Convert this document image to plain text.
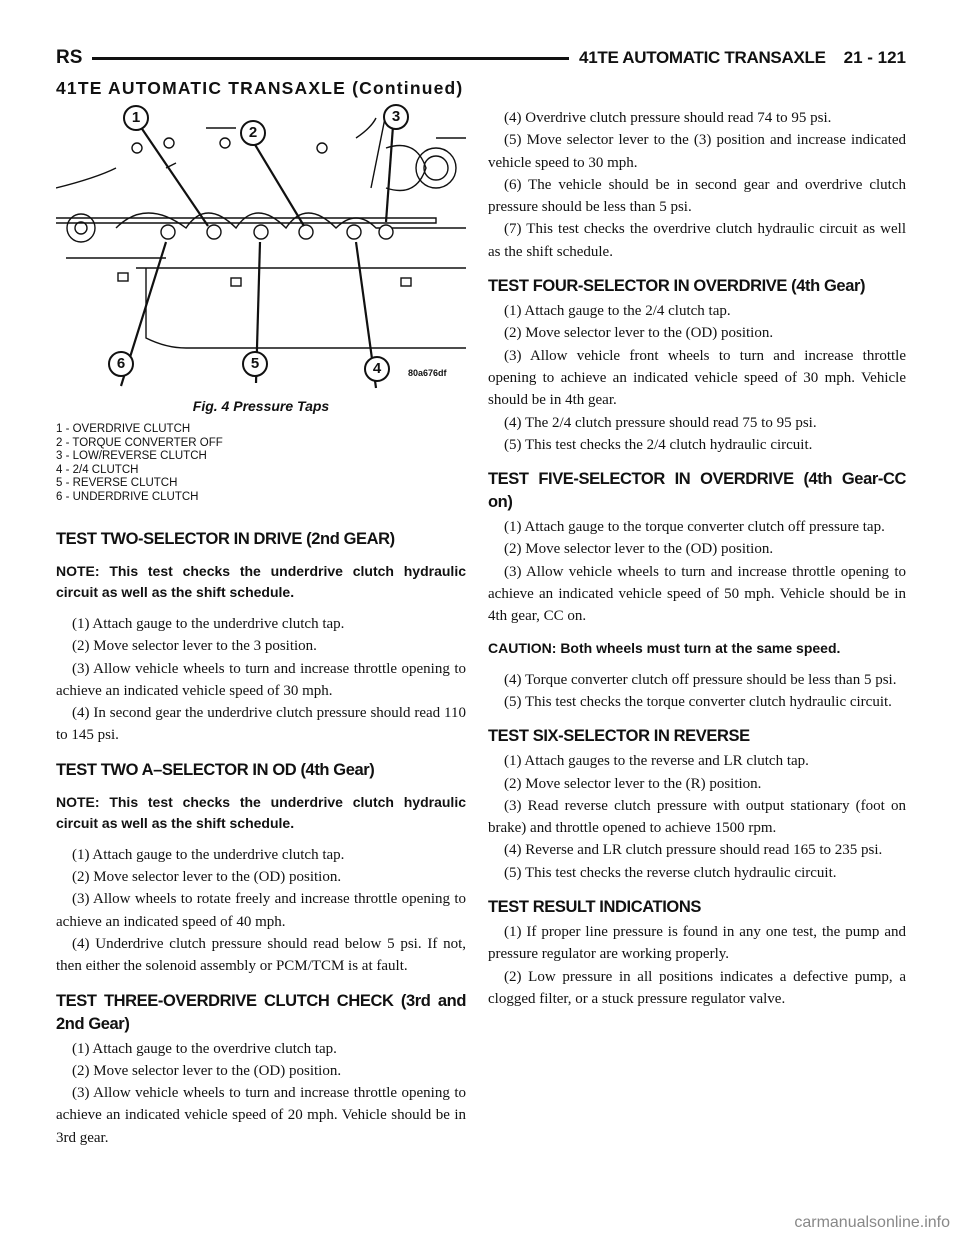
RS	41TE AUTOMATIC TRANSAXLE 21 - 121
41TE AUTOMATIC TRANSAXLE (Continued)
1
2
3
4
5
6
80a676df
Fig. 4 Pressure Taps
1 - OVERDRIVE CLUTCH
2 - TORQUE CONVERTER OFF
3 - LOW/REVERSE CLUTCH
4 - 2/4 CLUTCH
5 - REVERSE CLUTCH
6 - UNDERDRIVE CLUTCH
TEST TWO-SELECTOR IN DRIVE (2nd GEAR)

NOTE: This test checks the underdrive clutch hydraulic circuit as well as the shift schedule.

(1) Attach gauge to the underdrive clutch tap.

(2) Move selector lever to the 3 position.

(3) Allow vehicle wheels to turn and increase throttle opening to achieve an indicated vehicle speed of 30 mph.

(4) In second gear the underdrive clutch pressure should read 110 to 145 psi.

TEST TWO A–SELECTOR IN OD (4th Gear)

NOTE: This test checks the underdrive clutch hydraulic circuit as well as the shift schedule.

(1) Attach gauge to the underdrive clutch tap.

(2) Move selector lever to the (OD) position.

(3) Allow wheels to rotate freely and increase throttle opening to achieve an indicated speed of 40 mph.

(4) Underdrive clutch pressure should read below 5 psi. If not, then either the solenoid assembly or PCM/TCM is at fault.

TEST THREE-OVERDRIVE CLUTCH CHECK (3rd and 2nd Gear)

(1) Attach gauge to the overdrive clutch tap.

(2) Move selector lever to the (OD) position.

(3) Allow vehicle wheels to turn and increase throttle opening to achieve an indicated vehicle speed of 20 mph. Vehicle should be in 3rd gear.

(4) Overdrive clutch pressure should read 74 to 95 psi.

(5) Move selector lever to the (3) position and increase indicated vehicle speed to 30 mph.

(6) The vehicle should be in second gear and overdrive clutch pressure should be less than 5 psi.

(7) This test checks the overdrive clutch hydraulic circuit as well as the shift schedule.

TEST FOUR-SELECTOR IN OVERDRIVE (4th Gear)

(1) Attach gauge to the 2/4 clutch tap.

(2) Move selector lever to the (OD) position.

(3) Allow vehicle front wheels to turn and increase throttle opening to achieve an indicated vehicle speed of 30 mph. Vehicle should be in 4th gear.

(4) The 2/4 clutch pressure should read 75 to 95 psi.

(5) This test checks the 2/4 clutch hydraulic circuit.

TEST FIVE-SELECTOR IN OVERDRIVE (4th Gear-CC on)

(1) Attach gauge to the torque converter clutch off pressure tap.

(2) Move selector lever to the (OD) position.

(3) Allow vehicle wheels to turn and increase throttle opening to achieve an indicated vehicle speed of 50 mph. Vehicle should be in 4th gear, CC on.

CAUTION: Both wheels must turn at the same speed.

(4) Torque converter clutch off pressure should be less than 5 psi.

(5) This test checks the torque converter clutch hydraulic circuit.

TEST SIX-SELECTOR IN REVERSE

(1) Attach gauges to the reverse and LR clutch tap.

(2) Move selector lever to the (R) position.

(3) Read reverse clutch pressure with output stationary (foot on brake) and throttle opened to achieve 1500 rpm.

(4) Reverse and LR clutch pressure should read 165 to 235 psi.

(5) This test checks the reverse clutch hydraulic circuit.

TEST RESULT INDICATIONS

(1) If proper line pressure is found in any one test, the pump and pressure regulator are working properly.

(2) Low pressure in all positions indicates a defective pump, a clogged filter, or a stuck pressure regulator valve.

carmanualsonline.info
